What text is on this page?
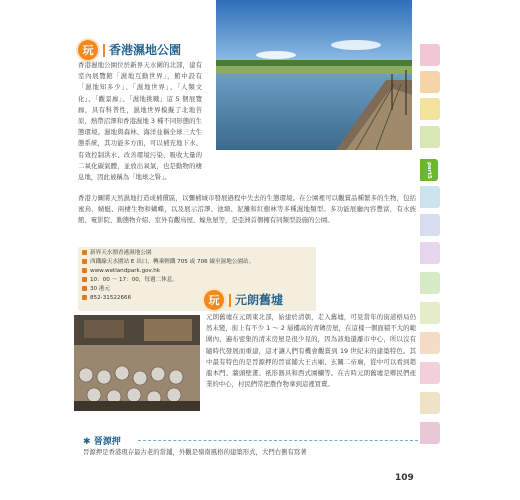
玩	香港濕地公園

香港濕地公園位於新界天水圍的北部，建有室內展覽館「濕地互動世界」，館中設有「濕地知多少」、「濕地世界」、「人類文化」、「觀景廊」、「濕地挑戰」這 5 個展覽廊，具有科普性，濕地世界模擬了北地苔原、熱帶沼澤和香港濕地 3 種不同形態的生態環境。濕地與森林、海洋並稱全球三大生態系統，其功能多方面，可以補充地下水、有效控制洪水、改善環境污染、吸收大量的二氧化碳氣體，並放出氧氣，也是動物的棲息地，因此被稱為「地球之腎」。

香港力圖將天然濕地打造成補償區，以彌補城市發展過程中失去的生態環境。在公園裡可以觀賞品種繁多的生物，包括蜜鳥、蜻蜓、兩棲生物和蝴蝶，以及展示沼澤、池塘、泥灘和紅樹林等多種濕地類型。多功能展廳內容豐富，有水族館、電影院、動態物介紹、室外有觀鳥屋、蠔魚屋等，是亞洲首個擁有同類型設施的公園。

新界天水圍香港濕地公園
西鐵線天水圍站 E 出口，轉乘輕鐵 705 或 706 線至濕地公園站。
www.wetlandpark.gov.hk
10：00 ～ 17：00，每週二休息。
30 港元
852-31522666	玩	元朗舊墟

元朗舊墟在元朗東北部，始建於清朝，走入舊墟，可見當年的街道格局仍然未變，街上有不少 1 ～ 2 層樓高的青磚房屋，在這樣一個面積不大的範圍內，遍布密集的清末房屋是很少見的，因為該地還離市中心，所以沒有隨時代發展而重建，這才讓人們有機會觀賞到 19 世紀末的建築特色。其中最有特色的是晉源押的晉富鋪大王古廟、玄關二帝廟，從中可以看到趙龍本門、牆頭壁畫、祇形器具和西式園欄等。在古時元朗舊墟是鄉民們產業的中心，村民們常把農作物拿到這裡買賣。

✱ 晉源押

晉源押是香港現存最古老的當鋪，外觀是嶺南風格的建築形式，大門右側有寫著

109
part5
